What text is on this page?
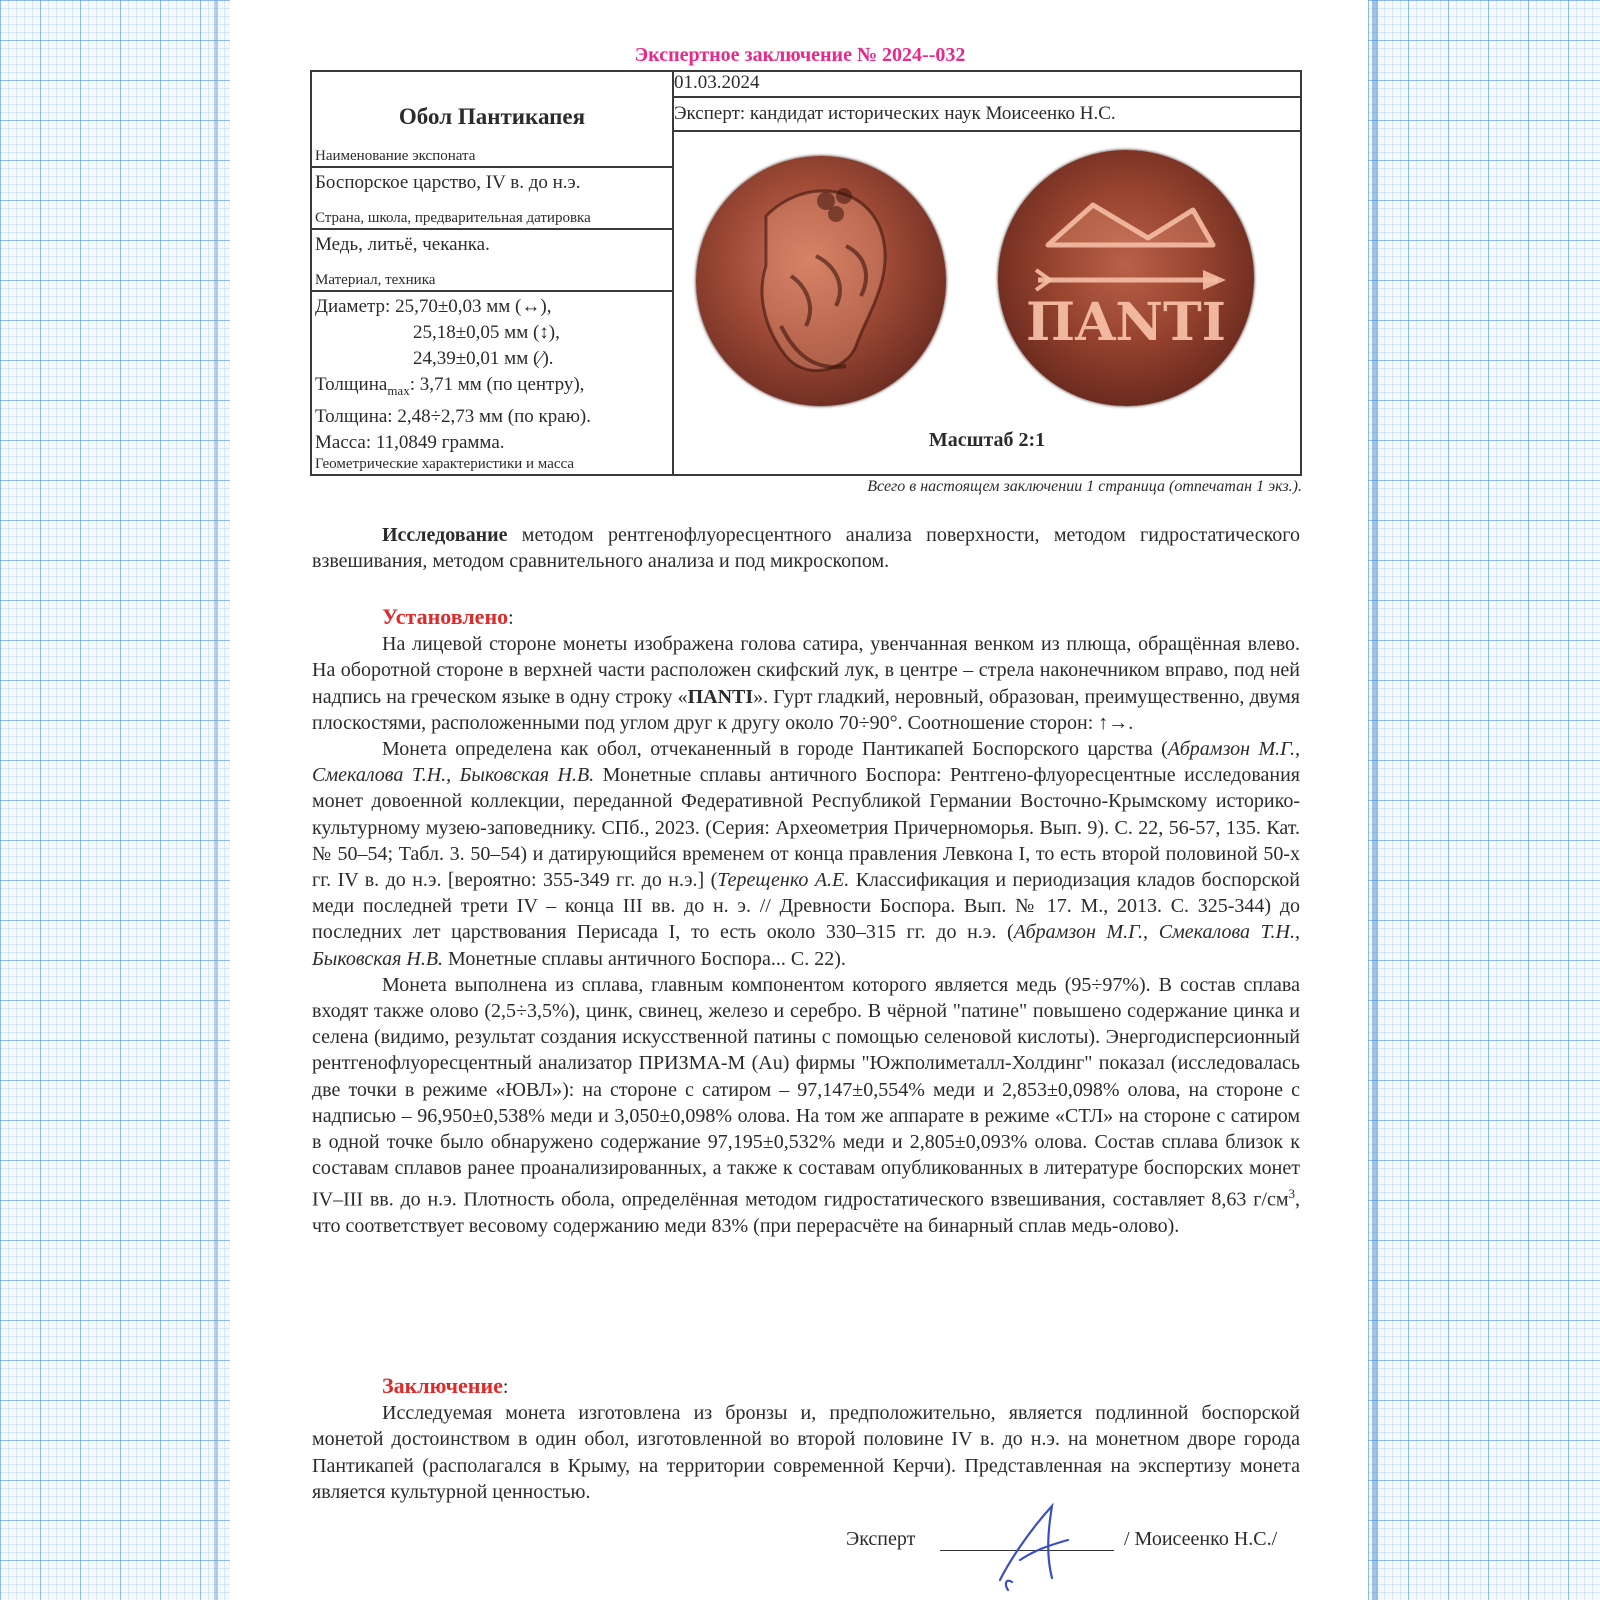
Экспертное заключение № 2024--032
Обол Пантикапея
Наименование экспоната
	01.03.2024
Эксперт: кандидат исторических наук Моисеенко Н.С.

ΠΑΝΤΙ
Масштаб 2:1

Боспорское царство, IV в. до н.э.
Страна, школа, предварительная датировка

Медь, литьё, чеканка.
Материал, техника

Диаметр: 25,70±0,03 мм (↔),
25,18±0,05 мм (↕),
24,39±0,01 мм (⁄).
Толщина$_{max}$: 3,71 мм (по центру),
Толщина: 2,48÷2,73 мм (по краю).
Масса: 11,0849 грамма.
Геометрические характеристики и масса
Всего в настоящем заключении 1 страница (отпечатан 1 экз.).

Исследование методом рентгенофлуоресцентного анализа поверхности, методом гидростатического взвешивания, методом сравнительного анализа и под микроскопом.

Установлено:

На лицевой стороне монеты изображена голова сатира, увенчанная венком из плюща, обращённая влево. На оборотной стороне в верхней части расположен скифский лук, в центре – стрела наконечником вправо, под ней надпись на греческом языке в одну строку «ΠΑΝΤΙ». Гурт гладкий, неровный, образован, преимущественно, двумя плоскостями, расположенными под углом друг к другу около 70÷90°. Соотношение сторон: ↑→.

Монета определена как обол, отчеканенный в городе Пантикапей Боспорского царства (Абрамзон М.Г., Смекалова Т.Н., Быковская Н.В. Монетные сплавы античного Боспора: Рентгено-флуоресцентные исследования монет довоенной коллекции, переданной Федеративной Республикой Германии Восточно-Крымскому историко-культурному музею-заповеднику. СПб., 2023. (Серия: Археометрия Причерноморья. Вып. 9). С. 22, 56-57, 135. Кат. № 50–54; Табл. 3. 50–54) и датирующийся временем от конца правления Левкона I, то есть второй половиной 50-х гг. IV в. до н.э. [вероятно: 355-349 гг. до н.э.] (Терещенко А.Е. Классификация и периодизация кладов боспорской меди последней трети IV – конца III вв. до н. э. // Древности Боспора. Вып. № 17. М., 2013. С. 325-344) до последних лет царствования Перисада I, то есть около 330–315 гг. до н.э. (Абрамзон М.Г., Смекалова Т.Н., Быковская Н.В. Монетные сплавы античного Боспора... С. 22).

Монета выполнена из сплава, главным компонентом которого является медь (95÷97%). В состав сплава входят также олово (2,5÷3,5%), цинк, свинец, железо и серебро. В чёрной "патине" повышено содержание цинка и селена (видимо, результат создания искусственной патины с помощью селеновой кислоты). Энергодисперсионный рентгенофлуоресцентный анализатор ПРИЗМА-М (Au) фирмы "Южполиметалл-Холдинг" показал (исследовалась две точки в режиме «ЮВЛ»): на стороне с сатиром – 97,147±0,554% меди и 2,853±0,098% олова, на стороне с надписью – 96,950±0,538% меди и 3,050±0,098% олова. На том же аппарате в режиме «СТЛ» на стороне с сатиром в одной точке было обнаружено содержание 97,195±0,532% меди и 2,805±0,093% олова. Состав сплава близок к составам сплавов ранее проанализированных, а также к составам опубликованных в литературе боспорских монет IV–III вв. до н.э. Плотность обола, определённая методом гидростатического взвешивания, составляет 8,63 $г/см^3$, что соответствует весовому содержанию меди 83% (при перерасчёте на бинарный сплав медь-олово).

Заключение:

Исследуемая монета изготовлена из бронзы и, предположительно, является подлинной боспорской монетой достоинством в один обол, изготовленной во второй половине IV в. до н.э. на монетном дворе города Пантикапей (располагался в Крыму, на территории современной Керчи). Представленная на экспертизу монета является культурной ценностью.

Эксперт	/ Моисеенко Н.С./
